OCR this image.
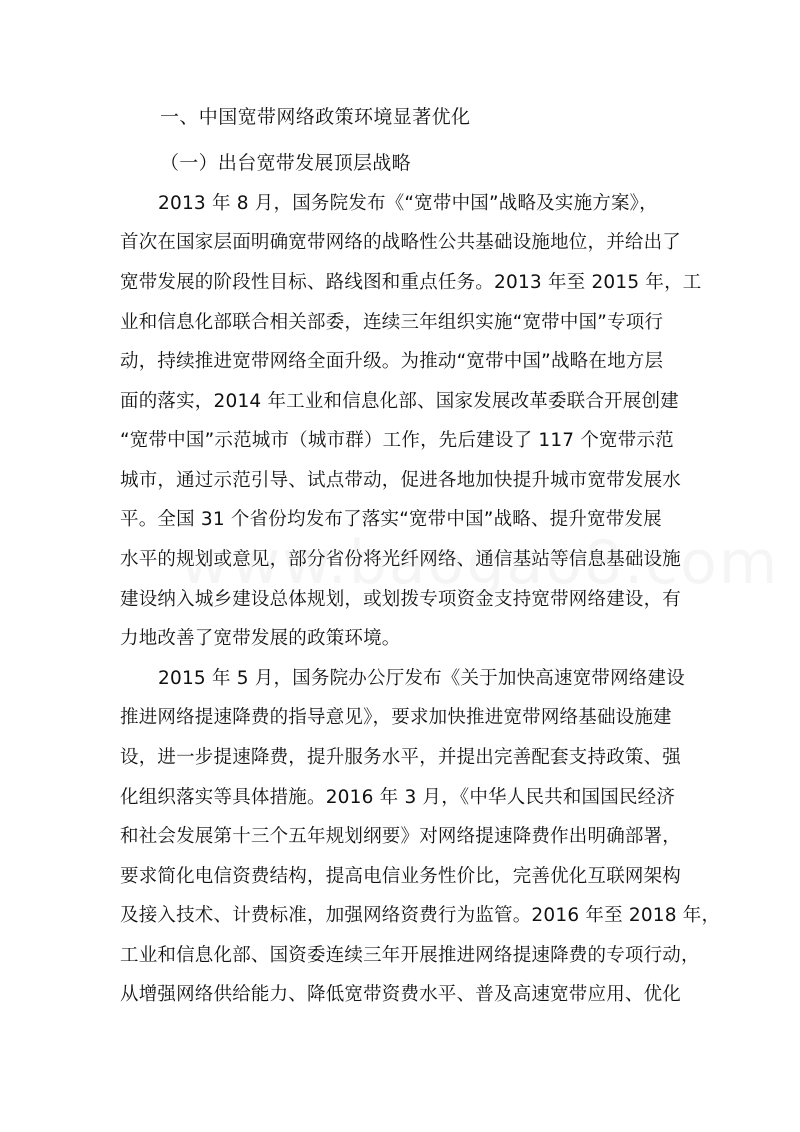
一、中国宽带网络政策环境显著优化
（一）出台宽带发展顶层战略
2013 年 8 月，国务院发布《“宽带中国”战略及实施方案》，
首次在国家层面明确宽带网络的战略性公共基础设施地位，并给出了
宽带发展的阶段性目标、路线图和重点任务。2013 年至 2015 年，工
业和信息化部联合相关部委，连续三年组织实施“宽带中国”专项行
动，持续推进宽带网络全面升级。为推动“宽带中国”战略在地方层
面的落实，2014 年工业和信息化部、国家发展改革委联合开展创建
“宽带中国”示范城市（城市群）工作，先后建设了 117 个宽带示范
城市，通过示范引导、试点带动，促进各地加快提升城市宽带发展水
平。全国 31 个省份均发布了落实“宽带中国”战略、提升宽带发展
水平的规划或意见，部分省份将光纤网络、通信基站等信息基础设施
建设纳入城乡建设总体规划，或划拨专项资金支持宽带网络建设，有
力地改善了宽带发展的政策环境。
2015 年 5 月，国务院办公厅发布《关于加快高速宽带网络建设
推进网络提速降费的指导意见》，要求加快推进宽带网络基础设施建
设，进一步提速降费，提升服务水平，并提出完善配套支持政策、强
化组织落实等具体措施。2016 年 3 月，《中华人民共和国国民经济
和社会发展第十三个五年规划纲要》对网络提速降费作出明确部署，
要求简化电信资费结构，提高电信业务性价比，完善优化互联网架构
及接入技术、计费标准，加强网络资费行为监管。2016 年至 2018 年，
工业和信息化部、国资委连续三年开展推进网络提速降费的专项行动，
从增强网络供给能力、降低宽带资费水平、普及高速宽带应用、优化
